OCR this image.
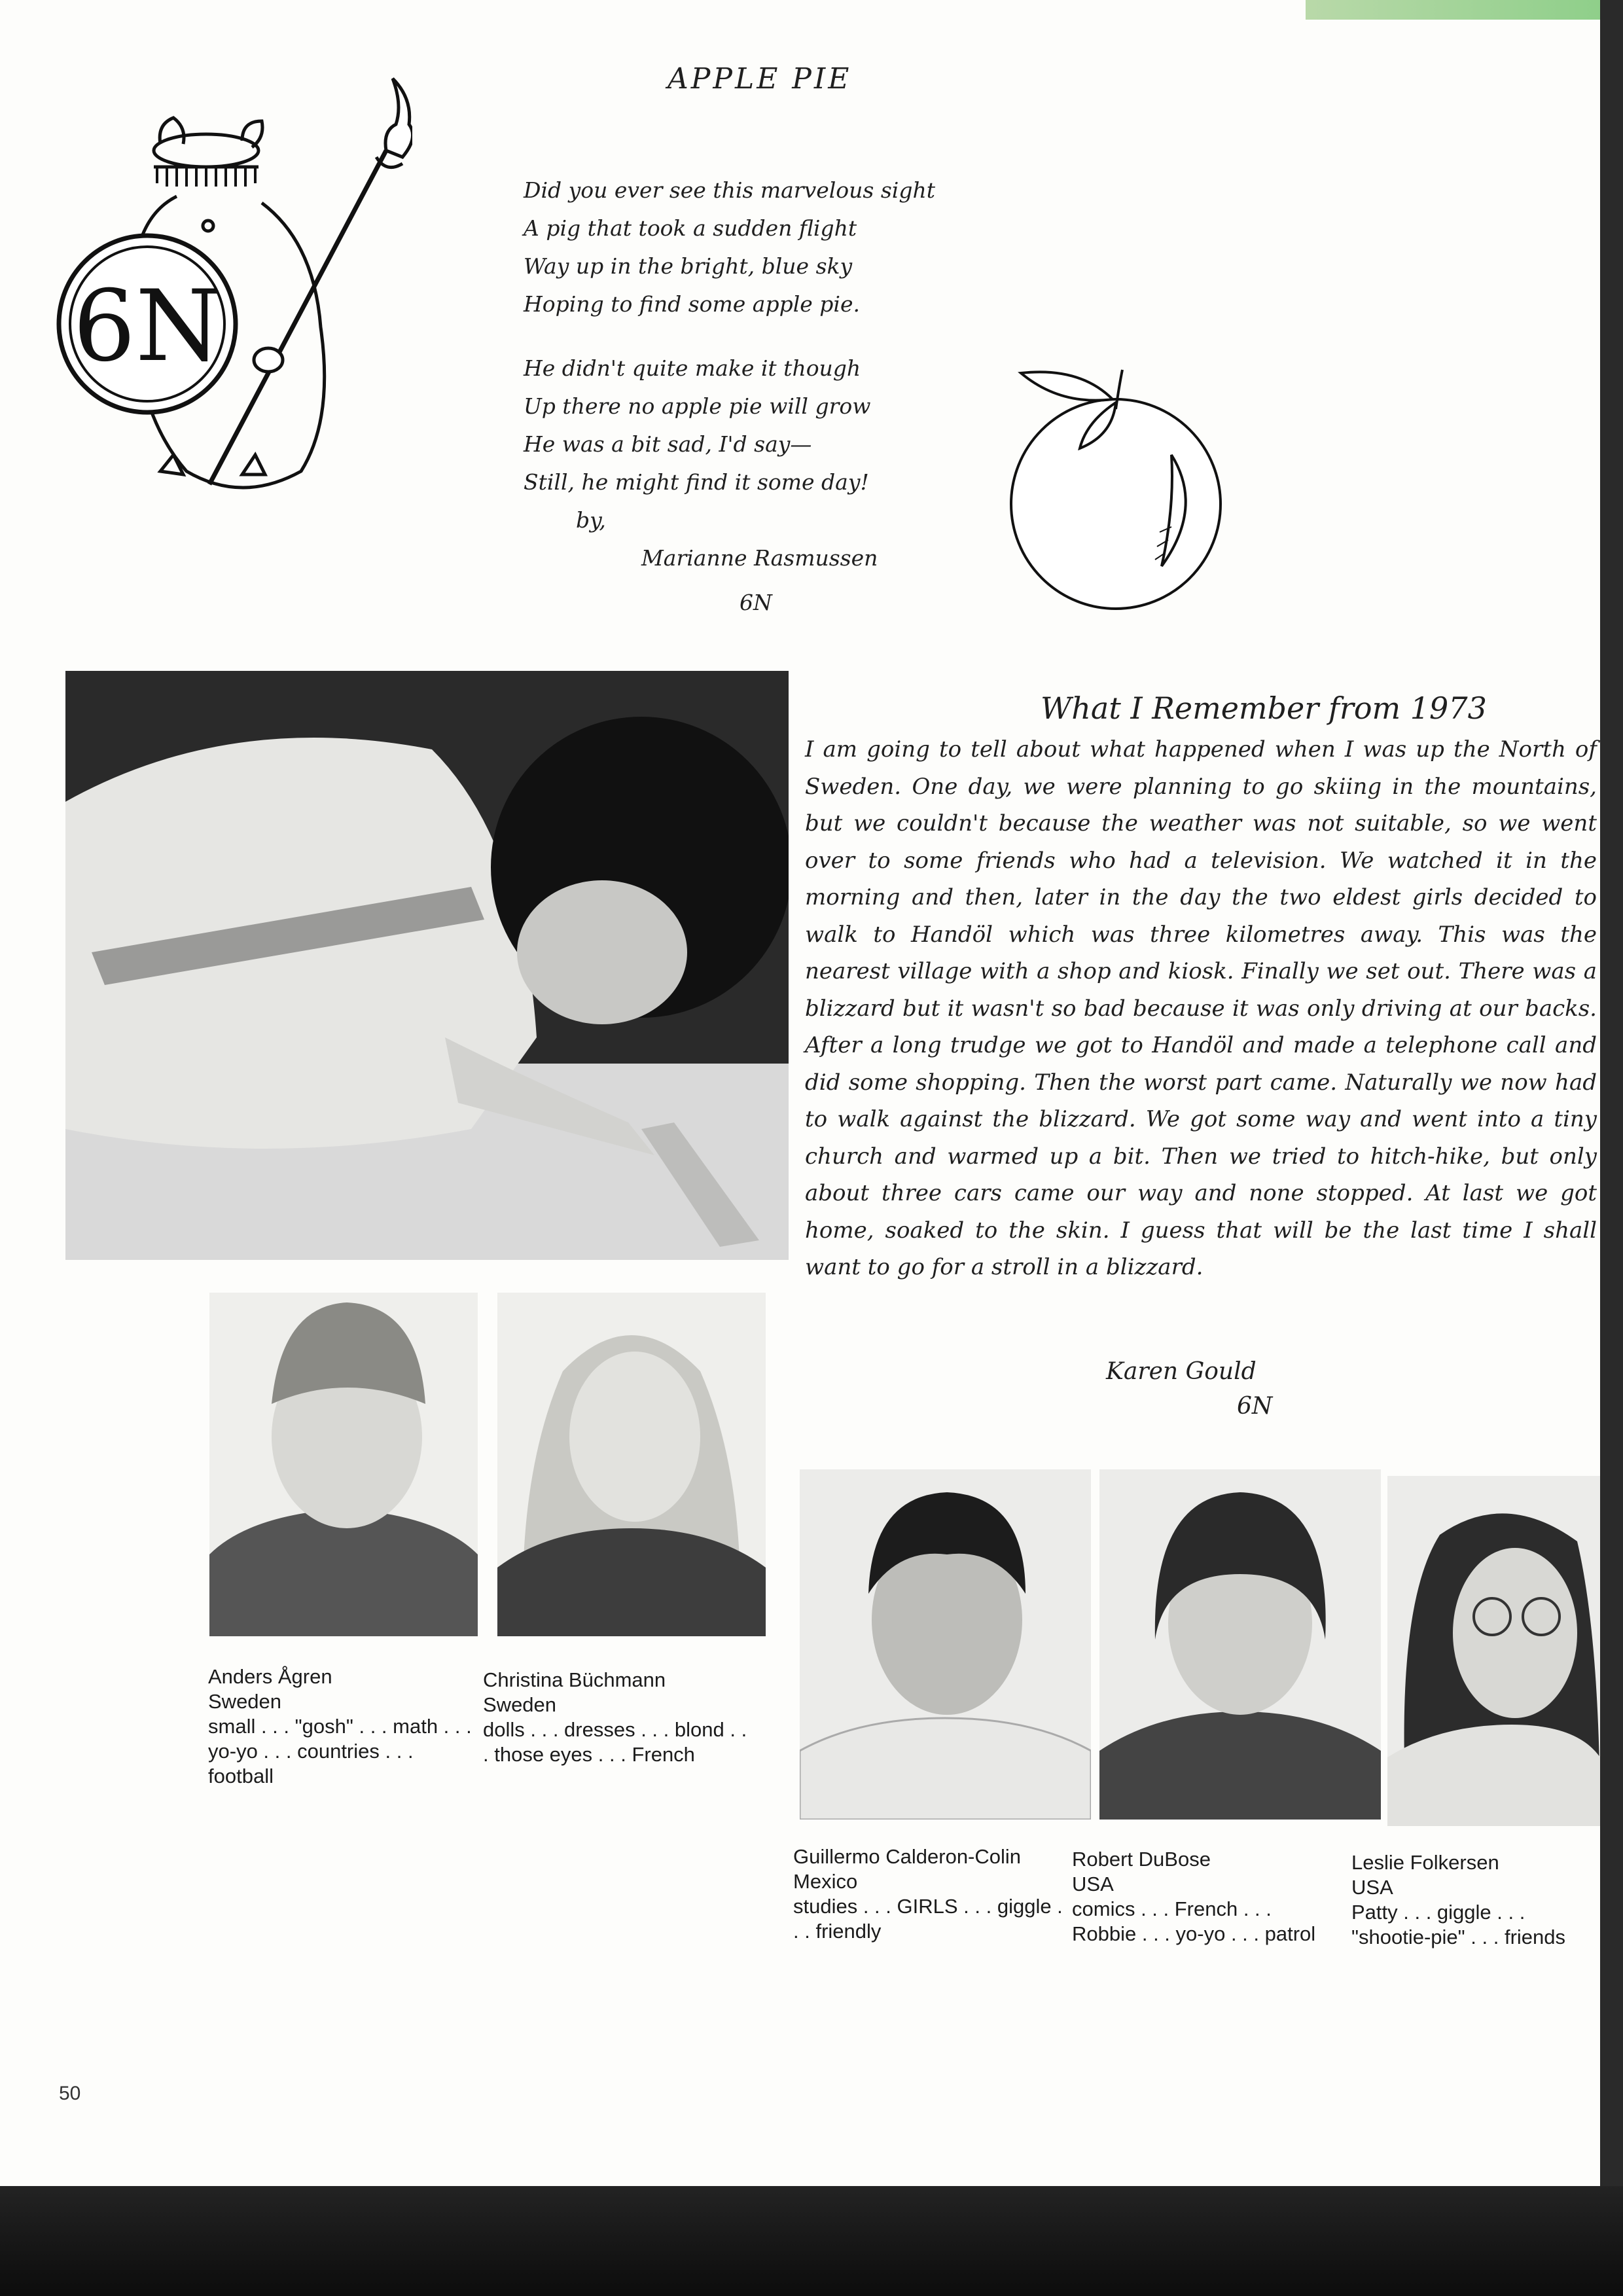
6N
APPLE PIE
Did you ever see this marvelous sight
A pig that took a sudden flight
Way up in the bright, blue sky
Hoping to find some apple pie.
He didn't quite make it though
Up there no apple pie will grow
He was a bit sad, I'd say—
Still, he might find it some day!
by,
Marianne Rasmussen
6N
What I Remember from 1973
I am going to tell about what happened when I was up the North of Sweden. One day, we were planning to go skiing in the mountains, but we couldn't because the weather was not suitable, so we went over to some friends who had a television. We watched it in the morning and then, later in the day the two eldest girls decided to walk to Handöl which was three kilometres away. This was the nearest village with a shop and kiosk. Finally we set out. There was a blizzard but it wasn't so bad because it was only driving at our backs. After a long trudge we got to Handöl and made a telephone call and did some shopping. Then the worst part came. Naturally we now had to walk against the blizzard. We got some way and went into a tiny church and warmed up a bit. Then we tried to hitch-hike, but only about three cars came our way and none stopped. At last we got home, soaked to the skin. I guess that will be the last time I shall want to go for a stroll in a blizzard.
Karen Gould
6N
Anders Ågren
Sweden
small . . . "gosh" . . . math . . . yo-yo . . . countries . . . football
Christina Büchmann
Sweden
dolls . . . dresses . . . blond . . . those eyes . . . French
Guillermo Calderon-Colin
Mexico
studies . . . GIRLS . . . giggle . . . friendly
Robert DuBose
USA
comics . . . French . . . Robbie . . . yo-yo . . . patrol
Leslie Folkersen
USA
Patty . . . giggle . . . "shootie-pie" . . . friends
50
